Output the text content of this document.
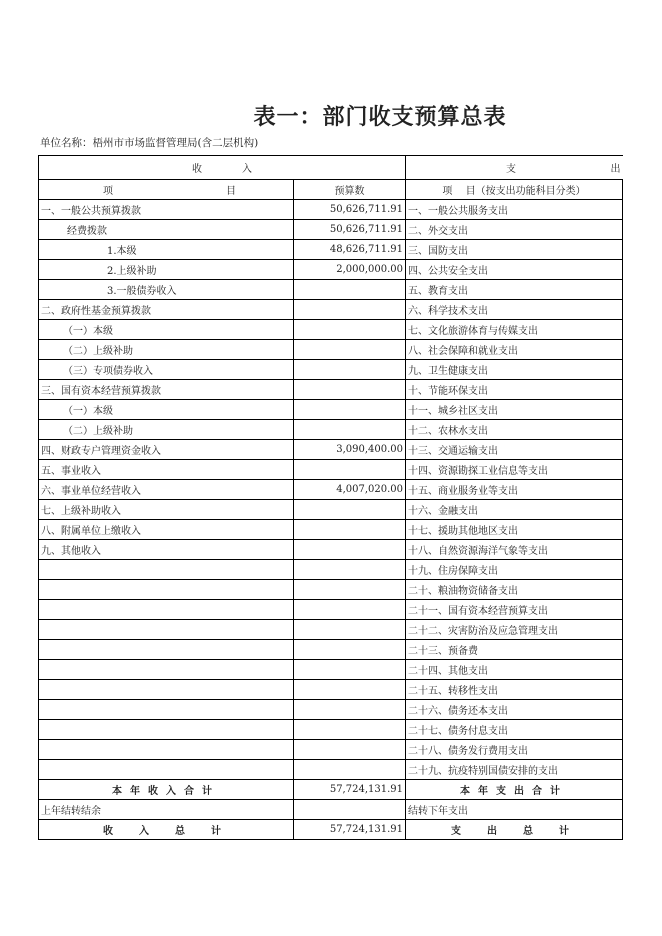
表一：部门收支预算总表
单位名称：梧州市市场监督管理局(含二层机构)
收　　　　入		支 出

项 目	预算数	项　 目（按支出功能科目分类）
一、一般公共预算拨款	50,626,711.91	一、一般公共服务支出
经费拨款	50,626,711.91	二、外交支出
1.本级	48,626,711.91	三、国防支出
2.上级补助	2,000,000.00	四、公共安全支出
3.一般债券收入		五、教育支出
二、政府性基金预算拨款		六、科学技术支出
（一）本级		七、文化旅游体育与传媒支出
（二）上级补助		八、社会保障和就业支出
（三）专项债券收入		九、卫生健康支出
三、国有资本经营预算拨款		十、节能环保支出
（一）本级		十一、城乡社区支出
（二）上级补助		十二、农林水支出
四、财政专户管理资金收入	3,090,400.00	十三、交通运输支出
五、事业收入		十四、资源勘探工业信息等支出
六、事业单位经营收入	4,007,020.00	十五、商业服务业等支出
七、上级补助收入		十六、金融支出
八、附属单位上缴收入		十七、援助其他地区支出
九、其他收入		十八、自然资源海洋气象等支出
		十九、住房保障支出
		二十、粮油物资储备支出
		二十一、国有资本经营预算支出
		二十二、灾害防治及应急管理支出
		二十三、预备费
		二十四、其他支出
		二十五、转移性支出
		二十六、债务还本支出
		二十七、债务付息支出
		二十八、债务发行费用支出
		二十九、抗疫特别国债安排的支出
本年收入合计	57,724,131.91	本年支出合计
上年结转结余		结转下年支出
收　入　总　计	57,724,131.91	支　出　总　计
